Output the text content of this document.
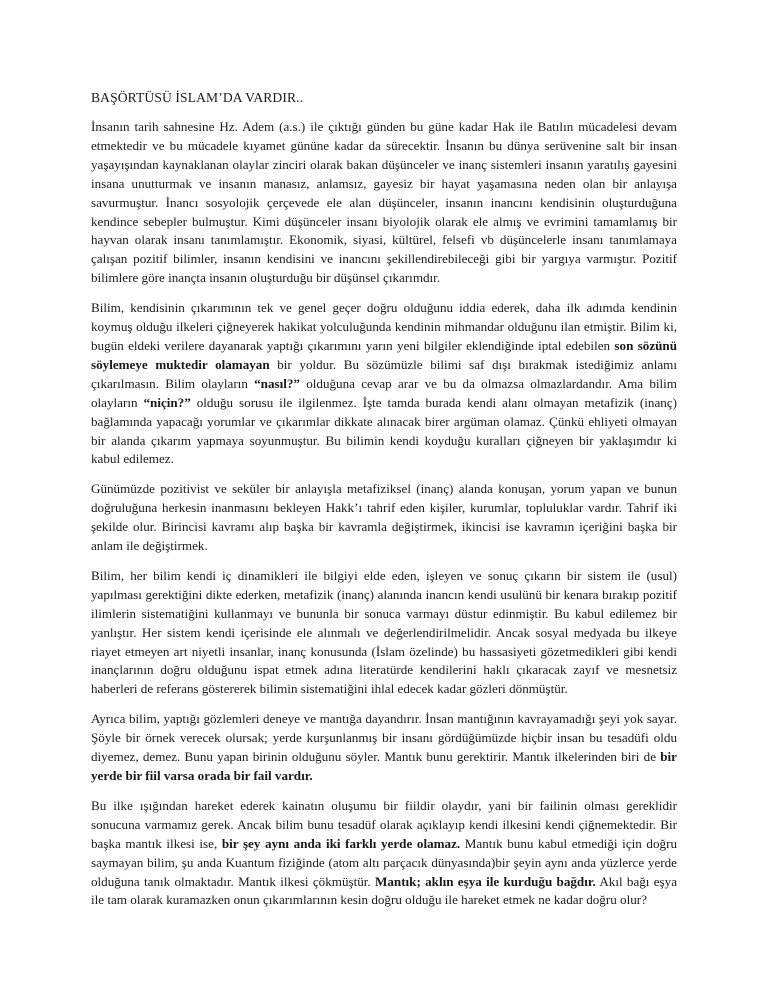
BAŞÖRTÜSÜ İSLAM’DA VARDIR..

İnsanın tarih sahnesine Hz. Adem (a.s.) ile çıktığı günden bu güne kadar Hak ile Batılın mücadelesi devam etmektedir ve bu mücadele kıyamet gününe kadar da sürecektir. İnsanın bu dünya serüvenine salt bir insan yaşayışından kaynaklanan olaylar zinciri olarak bakan düşünceler ve inanç sistemleri insanın yaratılış gayesini insana unutturmak ve insanın manasız, anlamsız, gayesiz bir hayat yaşamasına neden olan bir anlayışa savurmuştur. İnancı sosyolojik çerçevede ele alan düşünceler, insanın inancını kendisinin oluşturduğuna kendince sebepler bulmuştur. Kimi düşünceler insanı biyolojik olarak ele almış ve evrimini tamamlamış bir hayvan olarak insanı tanımlamıştır. Ekonomik, siyasi, kültürel, felsefi vb düşüncelerle insanı tanımlamaya çalışan pozitif bilimler, insanın kendisini ve inancını şekillendirebileceği gibi bir yargıya varmıştır. Pozitif bilimlere göre inançta insanın oluşturduğu bir düşünsel çıkarımdır.

Bilim, kendisinin çıkarımının tek ve genel geçer doğru olduğunu iddia ederek, daha ilk adımda kendinin koymuş olduğu ilkeleri çiğneyerek hakikat yolculuğunda kendinin mihmandar olduğunu ilan etmiştir. Bilim ki, bugün eldeki verilere dayanarak yaptığı çıkarımını yarın yeni bilgiler eklendiğinde iptal edebilen son sözünü söylemeye muktedir olamayan bir yoldur. Bu sözümüzle bilimi saf dışı bırakmak istediğimiz anlamı çıkarılmasın. Bilim olayların “nasıl?” olduğuna cevap arar ve bu da olmazsa olmazlardandır. Ama bilim olayların “niçin?” olduğu sorusu ile ilgilenmez. İşte tamda burada kendi alanı olmayan metafizik (inanç) bağlamında yapacağı yorumlar ve çıkarımlar dikkate alınacak birer argüman olamaz. Çünkü ehliyeti olmayan bir alanda çıkarım yapmaya soyunmuştur. Bu bilimin kendi koyduğu kuralları çiğneyen bir yaklaşımdır ki kabul edilemez.

Günümüzde pozitivist ve seküler bir anlayışla metafiziksel (inanç) alanda konuşan, yorum yapan ve bunun doğruluğuna herkesin inanmasını bekleyen Hakk’ı tahrif eden kişiler, kurumlar, topluluklar vardır. Tahrif iki şekilde olur. Birincisi kavramı alıp başka bir kavramla değiştirmek, ikincisi ise kavramın içeriğini başka bir anlam ile değiştirmek.

Bilim, her bilim kendi iç dinamikleri ile bilgiyi elde eden, işleyen ve sonuç çıkarın bir sistem ile (usul) yapılması gerektiğini dikte ederken, metafizik (inanç) alanında inancın kendi usulünü bir kenara bırakıp pozitif ilimlerin sistematiğini kullanmayı ve bununla bir sonuca varmayı düstur edinmiştir. Bu kabul edilemez bir yanlıştır. Her sistem kendi içerisinde ele alınmalı ve değerlendirilmelidir. Ancak sosyal medyada bu ilkeye riayet etmeyen art niyetli insanlar, inanç konusunda (İslam özelinde) bu hassasiyeti gözetmedikleri gibi kendi inançlarının doğru olduğunu ispat etmek adına literatürde kendilerini haklı çıkaracak zayıf ve mesnetsiz haberleri de referans göstererek bilimin sistematiğini ihlal edecek kadar gözleri dönmüştür.

Ayrıca bilim, yaptığı gözlemleri deneye ve mantığa dayandırır. İnsan mantığının kavrayamadığı şeyi yok sayar. Şöyle bir örnek verecek olursak; yerde kurşunlanmış bir insanı gördüğümüzde hiçbir insan bu tesadüfi oldu diyemez, demez. Bunu yapan birinin olduğunu söyler. Mantık bunu gerektirir. Mantık ilkelerinden biri de bir yerde bir fiil varsa orada bir fail vardır.

Bu ilke ışığından hareket ederek kainatın oluşumu bir fiildir olaydır, yani bir failinin olması gereklidir sonucuna varmamız gerek. Ancak bilim bunu tesadüf olarak açıklayıp kendi ilkesini kendi çiğnemektedir. Bir başka mantık ilkesi ise, bir şey aynı anda iki farklı yerde olamaz. Mantık bunu kabul etmediği için doğru saymayan bilim, şu anda Kuantum fiziğinde (atom altı parçacık dünyasında)bir şeyin aynı anda yüzlerce yerde olduğuna tanık olmaktadır. Mantık ilkesi çökmüştür. Mantık; aklın eşya ile kurduğu bağdır. Akıl bağı eşya ile tam olarak kuramazken onun çıkarımlarının kesin doğru olduğu ile hareket etmek ne kadar doğru olur?
